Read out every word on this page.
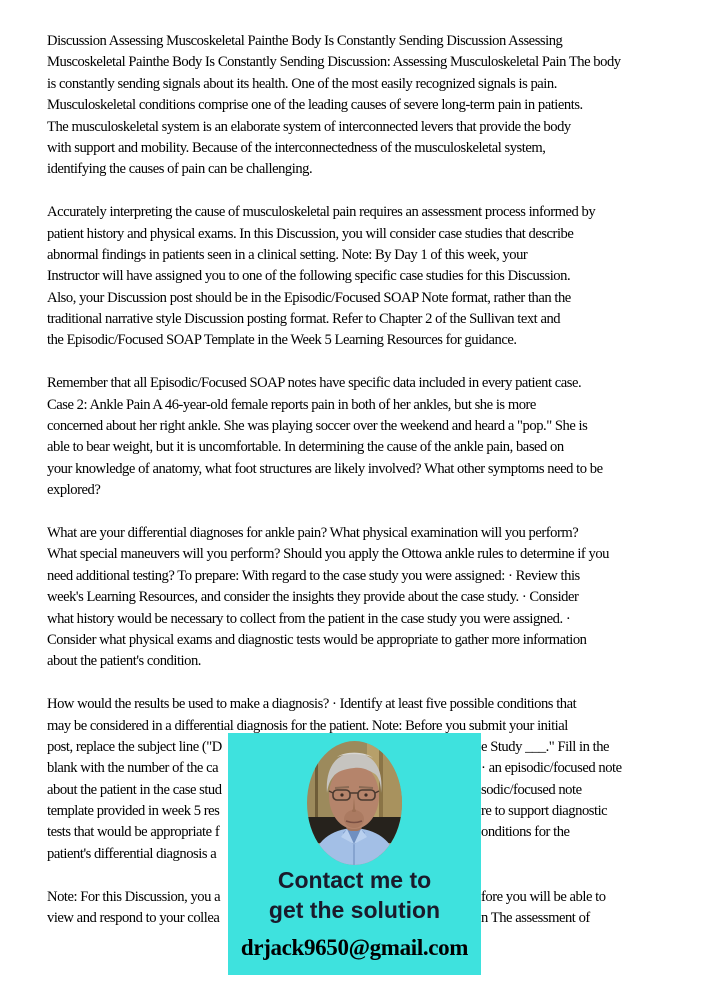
Discussion Assessing Muscoskeletal Painthe Body Is Constantly Sending Discussion Assessing
Muscoskeletal Painthe Body Is Constantly Sending Discussion: Assessing Musculoskeletal Pain The body
is constantly sending signals about its health. One of the most easily recognized signals is pain.
Musculoskeletal conditions comprise one of the leading causes of severe long-term pain in patients.
The musculoskeletal system is an elaborate system of interconnected levers that provide the body
with support and mobility. Because of the interconnectedness of the musculoskeletal system,
identifying the causes of pain can be challenging.
Accurately interpreting the cause of musculoskeletal pain requires an assessment process informed by
patient history and physical exams. In this Discussion, you will consider case studies that describe
abnormal findings in patients seen in a clinical setting. Note: By Day 1 of this week, your
Instructor will have assigned you to one of the following specific case studies for this Discussion.
Also, your Discussion post should be in the Episodic/Focused SOAP Note format, rather than the
traditional narrative style Discussion posting format. Refer to Chapter 2 of the Sullivan text and
the Episodic/Focused SOAP Template in the Week 5 Learning Resources for guidance.
Remember that all Episodic/Focused SOAP notes have specific data included in every patient case.
Case 2: Ankle Pain A 46-year-old female reports pain in both of her ankles, but she is more
concerned about her right ankle. She was playing soccer over the weekend and heard a "pop." She is
able to bear weight, but it is uncomfortable. In determining the cause of the ankle pain, based on
your knowledge of anatomy, what foot structures are likely involved? What other symptoms need to be
explored?
What are your differential diagnoses for ankle pain? What physical examination will you perform?
What special maneuvers will you perform? Should you apply the Ottowa ankle rules to determine if you
need additional testing? To prepare: With regard to the case study you were assigned: · Review this
week's Learning Resources, and consider the insights they provide about the case study. · Consider
what history would be necessary to collect from the patient in the case study you were assigned. ·
Consider what physical exams and diagnostic tests would be appropriate to gather more information
about the patient's condition.
How would the results be used to make a diagnosis? · Identify at least five possible conditions that
may be considered in a differential diagnosis for the patient. Note: Before you submit your initial
post, replace the subject line ("D	e Study ___." Fill in the
blank with the number of the ca	· an episodic/focused note
about the patient in the case stud	sodic/focused note
template provided in week 5 res	re to support diagnostic
tests that would be appropriate f	onditions for the
patient's differential diagnosis a
Note: For this Discussion, you a	fore you will be able to
view and respond to your collea	n The assessment of
Contact me to
get the solution
drjack9650@gmail.com
